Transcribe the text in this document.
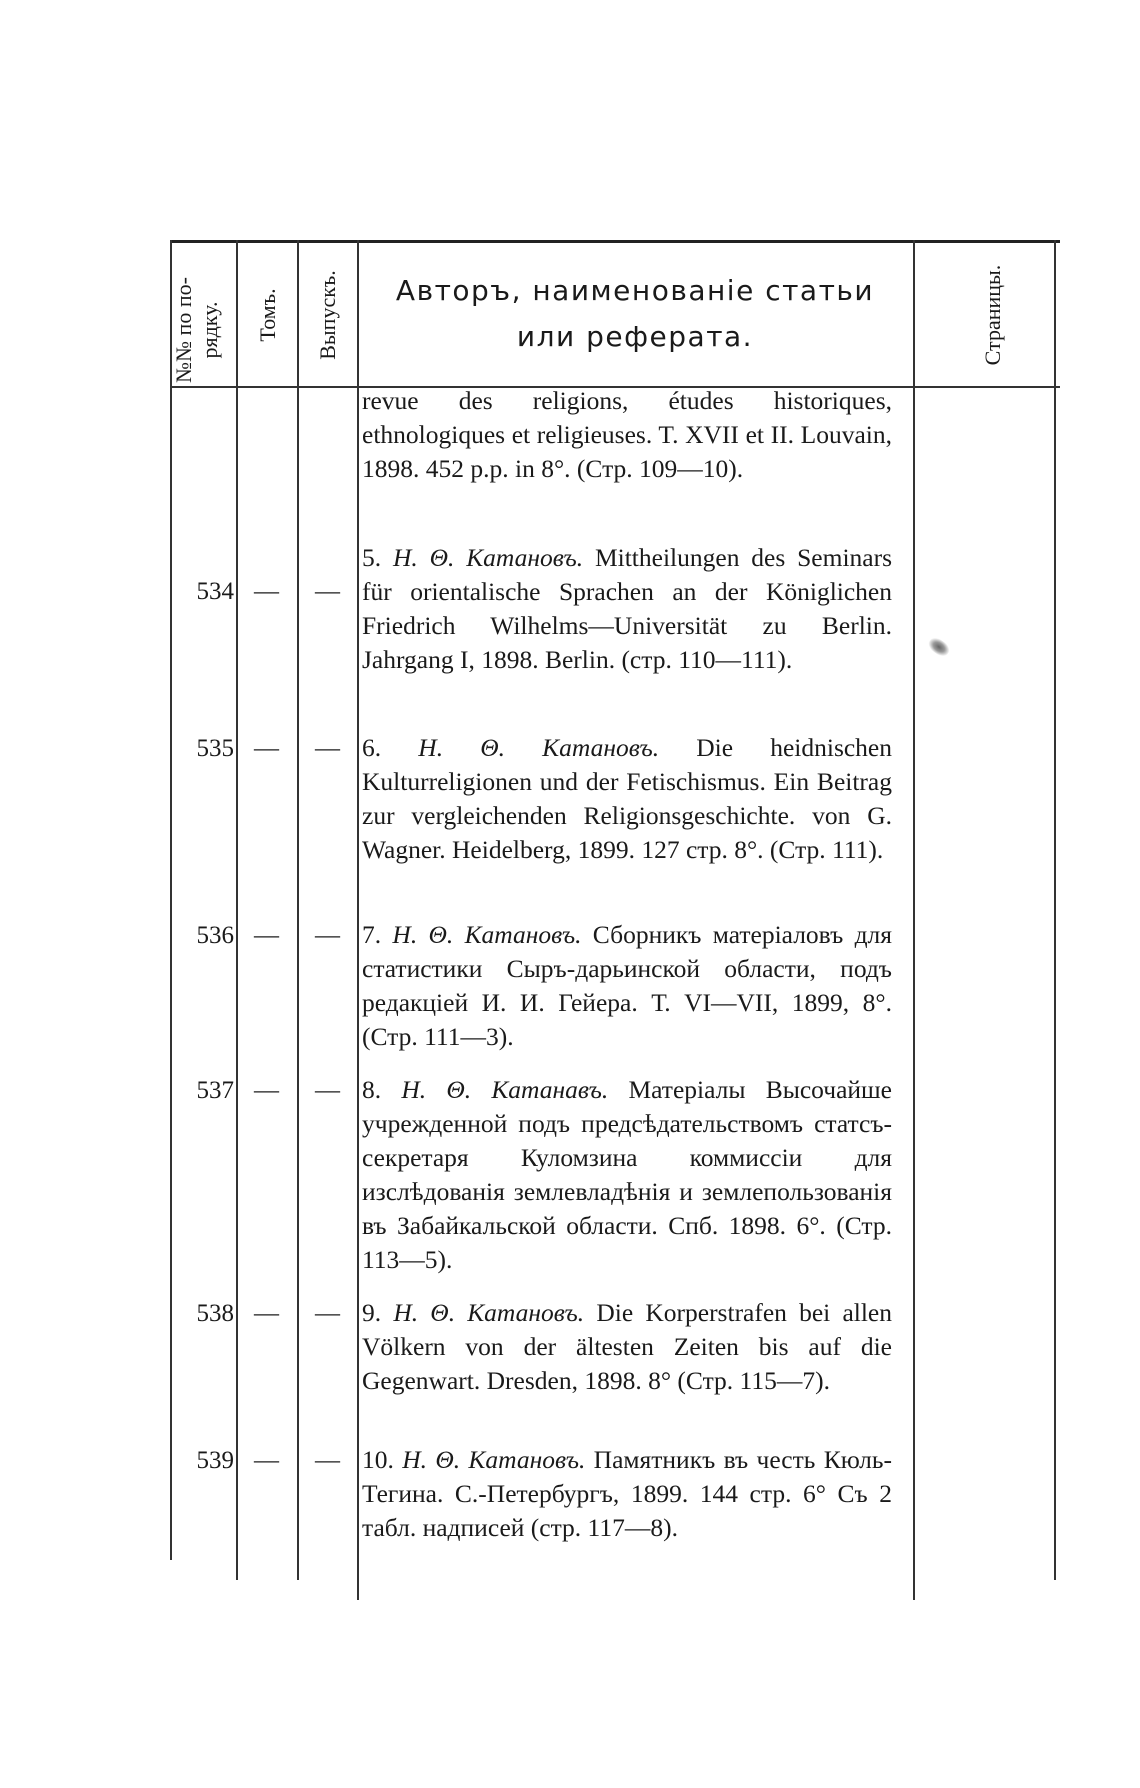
№№ по по-рядку. Томъ. Выпускъ.	Авторъ, наименованіе статьи
или реферата.	Страницы.
revue des religions, études historiques, ethnologiques et religieuses. T. XVII et II. Louvain, 1898. 452 p.p. in 8°. (Стр. 109—10).
534 — —
5. Н. Θ. Катановъ. Mittheilungen des Seminars für orientalische Sprachen an der Königlichen Friedrich Wilhelms—Universität zu Berlin. Jahrgang I, 1898. Berlin. (стр. 110—111).
535 — — 6. Н. Θ. Катановъ. Die heidnischen Kulturreligionen und der Fetischismus. Ein Beitrag zur vergleichenden Religionsgeschichte. von G. Wagner. Heidelberg, 1899. 127 стр. 8°. (Стр. 111).
536 — — 7. Н. Θ. Катановъ. Сборникъ матеріаловъ для статистики Сыръ-дарьинской области, подъ редакціей И. И. Гейера. Т. VI—VII, 1899, 8°. (Стр. 111—3).
537 — — 8. Н. Θ. Катанавъ. Матеріалы Высочайше учрежденной подъ предсѣдательствомъ статсъ-секретаря Куломзина коммиссіи для изслѣдованія землевладѣнія и землепользованія въ Забайкальской области. Спб. 1898. 6°. (Стр. 113—5).
538 — — 9. Н. Θ. Катановъ. Die Korperstrafen bei allen Völkern von der ältesten Zeiten bis auf die Gegenwart. Dresden, 1898. 8° (Стр. 115—7).
539 — — 10. Н. Θ. Катановъ. Памятникъ въ честь Кюль-Тегина. С.-Петербургъ, 1899. 144 стр. 6° Съ 2 табл. надписей (стр. 117—8).
